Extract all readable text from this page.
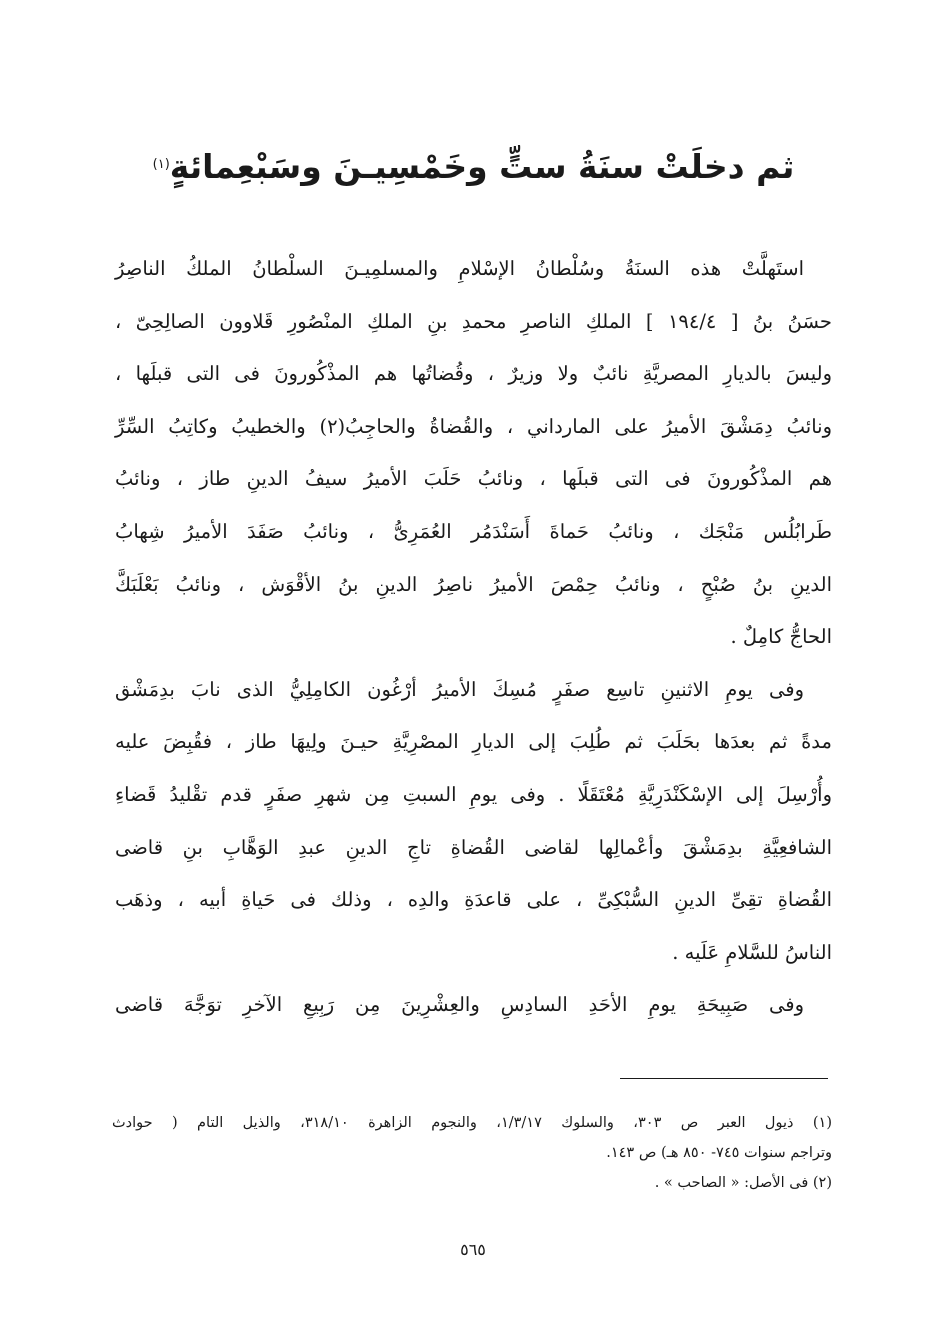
ثم دخلَتْ سنَةُ ستٍّ وخَمْسِيـنَ وسَبْعِمائةٍ$^{(١)}$
استَهلَّتْ هذه السنَةُ وسُلْطانُ الإسْلامِ والمسلمِيـنَ السلْطانُ الملكُ الناصِرُ
حسَنُ بنُ [ ١٩٤/٤ ] الملكِ الناصرِ محمدِ بنِ الملكِ المنْصُورِ قَلاوون الصالِحِىّ ،
وليسَ بالديارِ المصريَّةِ نائبٌ ولا وزيرٌ ، وقُضاتُها هم المذْكُورونَ فى التى قبلَها ،
ونائبُ دِمَشْقَ الأميرُ على المارداني ، والقُضاةُ والحاجِبُ(٢) والخطيبُ وكاتِبُ السِّرِّ
هم المذْكُورونَ فى التى قبلَها ، ونائبُ حَلَبَ الأميرُ سيفُ الدينِ طاز ، ونائبُ
طَرابُلُس مَنْجَك ، ونائبُ حَماةَ أَسَنْدَمُر العُمَرِىُّ ، ونائبُ صَفَدَ الأميرُ شِهابُ
الدينِ بنُ صُبْحٍ ، ونائبُ حِمْصَ الأميرُ ناصِرُ الدينِ بنُ الأقْوَش ، ونائبُ بَعْلَبَكَّ
الحاجُّ كامِلٌ .
وفى يومِ الاثنينِ تاسِع صفَرٍ مُسِكَ الأميرُ أرْغُون الكامِلِيُّ الذى نابَ بدِمَشْق
مدةً ثم بعدَها بحَلَبَ ثم طُلِبَ إلى الديارِ المصْرِيَّةِ حيـنَ ولِيهَا طاز ، فقُبِضَ عليه
وأُرْسِلَ إلى الإسْكَنْدَرِيَّةِ مُعْتَقَلًا . وفى يومِ السبتِ مِن شهرِ صفَرٍ قدم تقْليدُ قَضاءِ
الشافعِيَّةِ بدِمَشْقَ وأعْمالِها لقاضى القُضاةِ تاجِ الدينِ عبدِ الوَهَّابِ بنِ قاضى
القُضاةِ تقِىِّ الدينِ السُّبْكِىِّ ، على قاعدَةِ والدِه ، وذلك فى حَياةِ أبيه ، وذهَب
الناسُ للسَّلامِ عَلَيه .
وفى صَبِيحَةِ يومِ الأحَدِ السادِسِ والعِشْرِينَ مِن رَبِيعِ الآخرِ توَجَّهَ قاضى
(١) ذيول العبر ص ٣٠٣، والسلوك ١/٣/١٧، والنجوم الزاهرة ٣١٨/١٠، والذيل التام ( حوادث
وتراجم سنوات ٧٤٥- ٨٥٠ هـ) ص ١٤٣.
(٢) فى الأصل: « الصاحب » .
٥٦٥
